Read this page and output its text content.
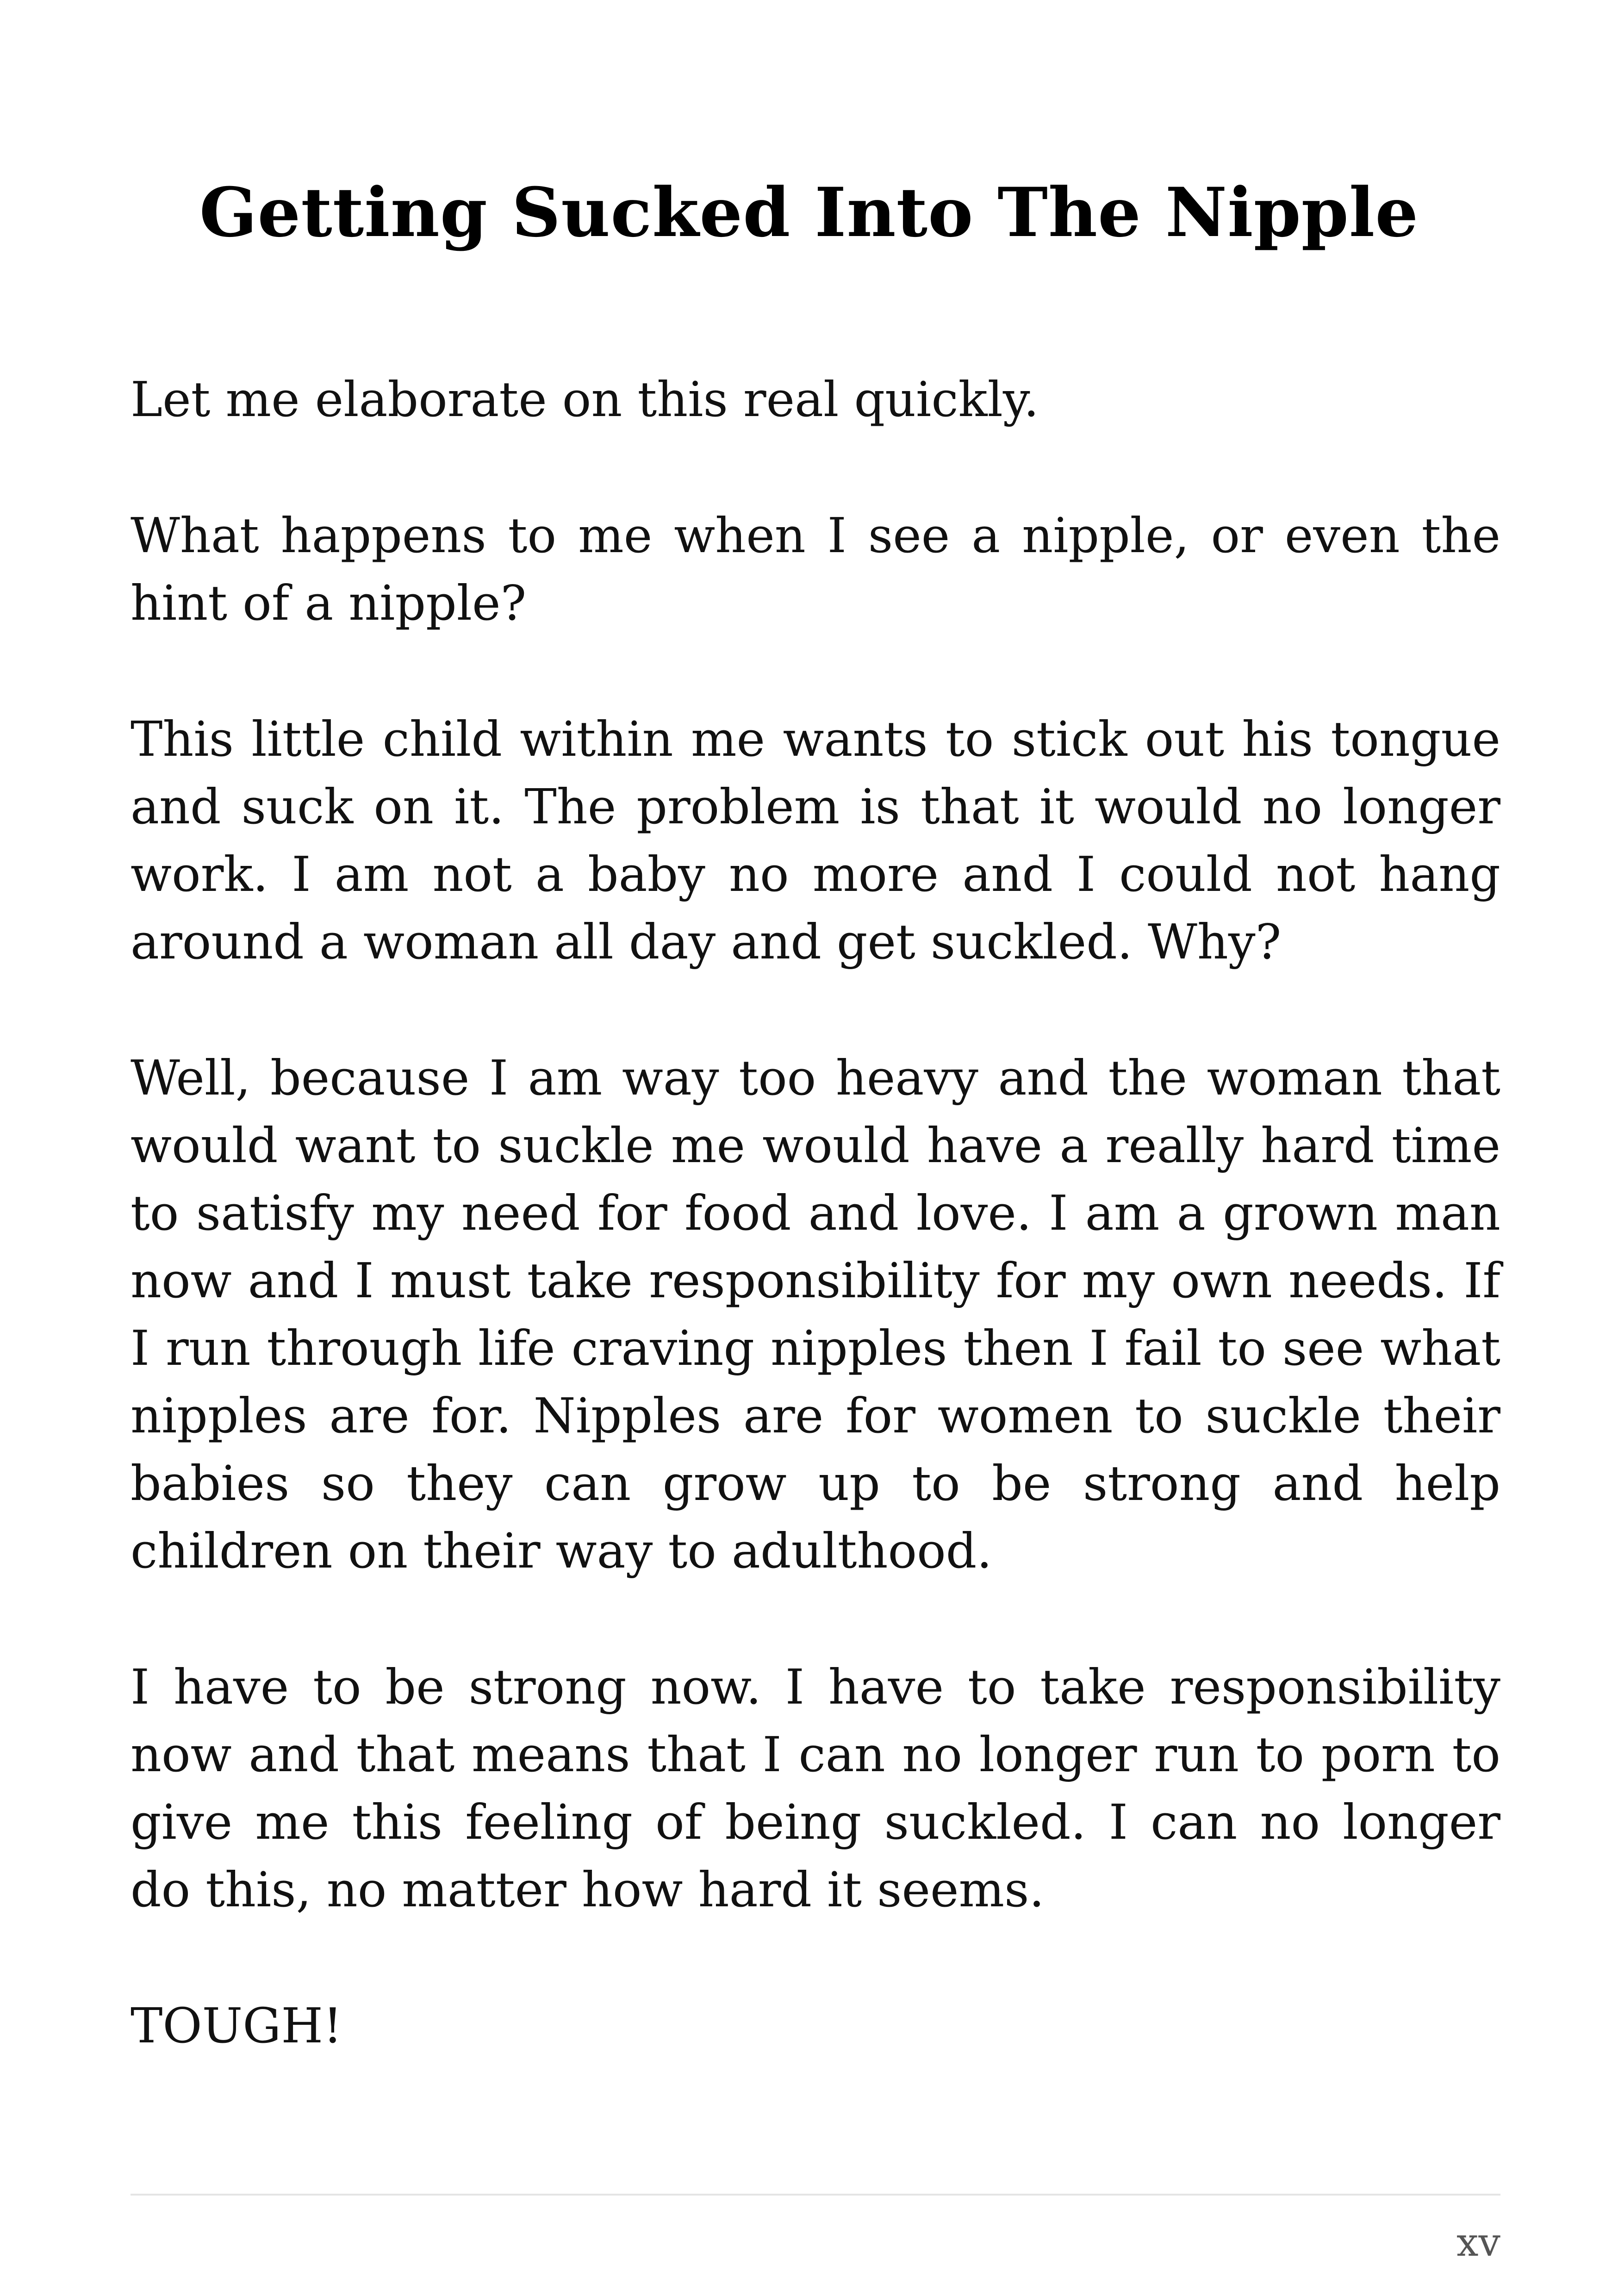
Getting Sucked Into The Nipple

Let me elaborate on this real quickly.

What happens to me when I see a nipple, or even the hint of a nipple?

This little child within me wants to stick out his tongue and suck on it. The problem is that it would no longer work. I am not a baby no more and I could not hang around a woman all day and get suckled. Why?

Well, because I am way too heavy and the woman that would want to suckle me would have a really hard time to satisfy my need for food and love. I am a grown man now and I must take responsibility for my own needs. If I run through life craving nipples then I fail to see what nipples are for. Nipples are for women to suckle their babies so they can grow up to be strong and help children on their way to adulthood.

I have to be strong now. I have to take responsibility now and that means that I can no longer run to porn to give me this feeling of being suckled. I can no longer do this, no matter how hard it seems.

TOUGH!

xv
